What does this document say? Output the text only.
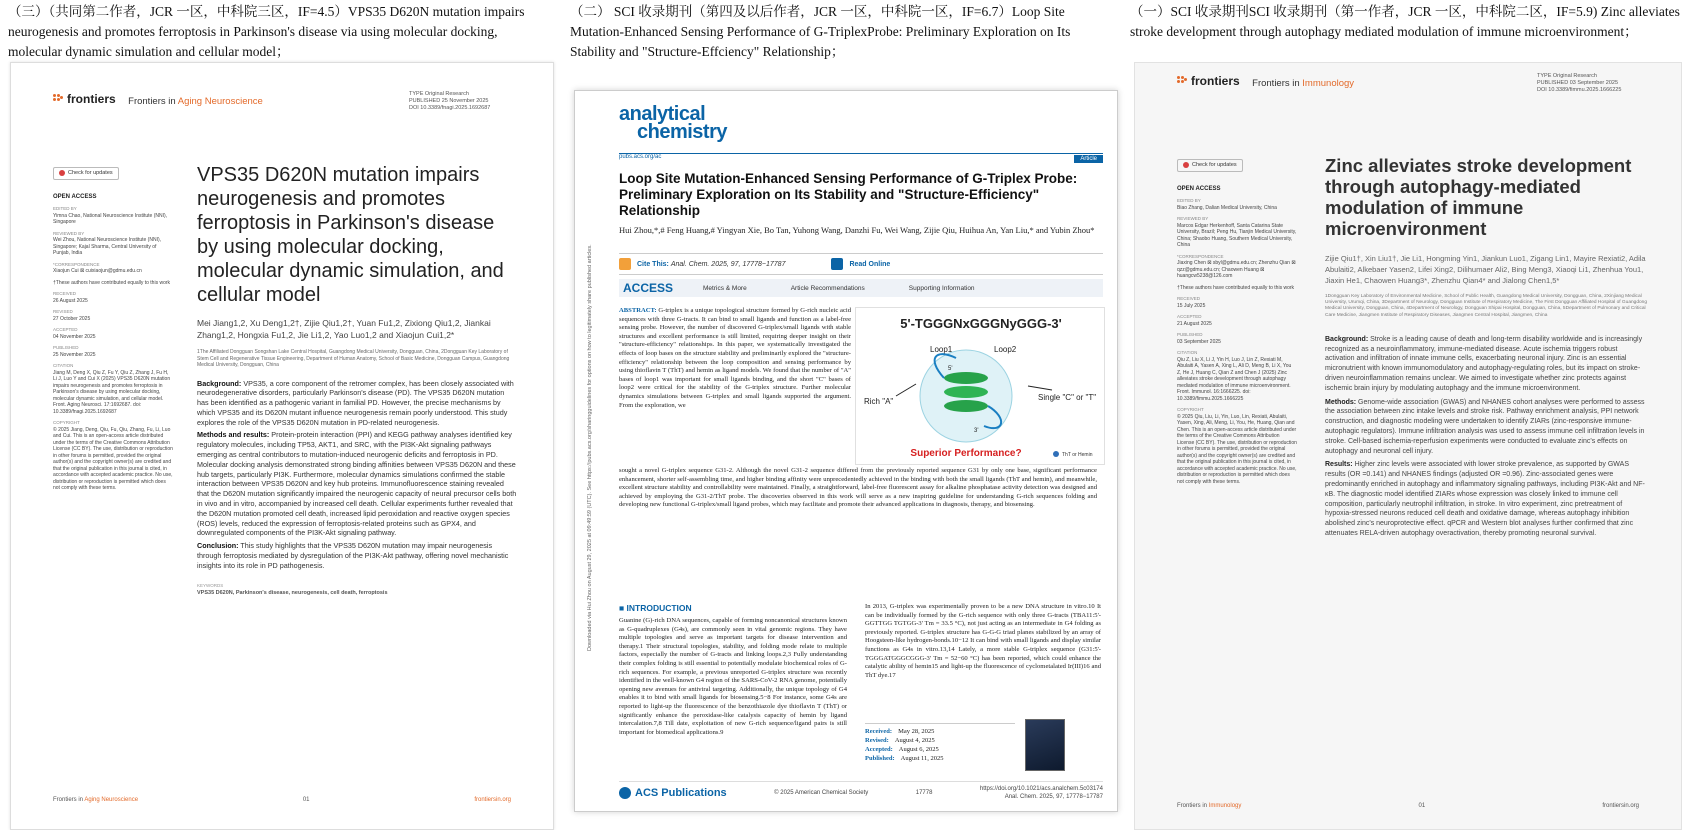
（三）（共同第二作者，JCR 一区，中科院三区，IF=4.5）VPS35 D620N mutation impairs neurogenesis and promotes ferroptosis in Parkinson's disease via using molecular docking, molecular dynamic simulation and cellular model；
frontiers Frontiers in Aging Neuroscience
TYPE Original Research
PUBLISHED 25 November 2025
DOI 10.3389/fnagi.2025.1692687
Check for updates
OPEN ACCESS
EDITED BY
Yimna Chao, National Neuroscience Institute (NNI), Singapore
REVIEWED BY
Wei Zhou, National Neuroscience Institute (NNI), Singapore; Kajal Sharma, Central University of Punjab, India
*CORRESPONDENCE
Xiaojun Cui ⊠ cuixiaojun@gdmu.edu.cn
†These authors have contributed equally to this work
RECEIVED
26 August 2025
REVISED
27 October 2025
ACCEPTED
04 November 2025
PUBLISHED
25 November 2025
CITATION
Jiang M, Deng X, Qiu Z, Fu Y, Qiu Z, Zhang J, Fu H, Li J, Luo Y and Cui X (2025) VPS35 D620N mutation impairs neurogenesis and promotes ferroptosis in Parkinson's disease by using molecular docking, molecular dynamic simulation, and cellular model. Front. Aging Neurosci. 17:1692687. doi: 10.3389/fnagi.2025.1692687
COPYRIGHT
© 2025 Jiang, Deng, Qiu, Fu, Qiu, Zhang, Fu, Li, Luo and Cui. This is an open-access article distributed under the terms of the Creative Commons Attribution License (CC BY). The use, distribution or reproduction in other forums is permitted, provided the original author(s) and the copyright owner(s) are credited and that the original publication in this journal is cited, in accordance with accepted academic practice. No use, distribution or reproduction is permitted which does not comply with these terms.
VPS35 D620N mutation impairs neurogenesis and promotes ferroptosis in Parkinson's disease by using molecular docking, molecular dynamic simulation, and cellular model
Mei Jiang1,2, Xu Deng1,2†, Zijie Qiu1,2†, Yuan Fu1,2, Zixiong Qiu1,2, Jiankai Zhang1,2, Hongxia Fu1,2, Jie Li1,2, Yao Luo1,2 and Xiaojun Cui1,2*
1The Affiliated Dongguan Songshan Lake Central Hospital, Guangdong Medical University, Dongguan, China, 2Dongguan Key Laboratory of Stem Cell and Regenerative Tissue Engineering, Department of Human Anatomy, School of Basic Medicine, Dongguan Campus, Guangdong Medical University, Dongguan, China

Background: VPS35, a core component of the retromer complex, has been closely associated with neurodegenerative disorders, particularly Parkinson's disease (PD). The VPS35 D620N mutation has been identified as a pathogenic variant in familial PD. However, the precise mechanisms by which VPS35 and its D620N mutant influence neurogenesis remain poorly understood. This study explores the role of the VPS35 D620N mutation in PD-related neurogenesis.

Methods and results: Protein-protein interaction (PPI) and KEGG pathway analyses identified key regulatory molecules, including TP53, AKT1, and SRC, with the PI3K-Akt signaling pathways emerging as central contributors to mutation-induced neurogenic deficits and ferroptosis in PD. Molecular docking analysis demonstrated strong binding affinities between VPS35 D620N and these hub targets, particularly PI3K. Furthermore, molecular dynamics simulations confirmed the stable interaction between VPS35 D620N and key hub proteins. Immunofluorescence staining revealed that the D620N mutation significantly impaired the neurogenic capacity of neural precursor cells both in vivo and in vitro, accompanied by increased cell death. Cellular experiments further revealed that the D620N mutation promoted cell death, increased lipid peroxidation and reactive oxygen species (ROS) levels, reduced the expression of ferroptosis-related proteins such as GPX4, and downregulated components of the PI3K-Akt signaling pathway.

Conclusion: This study highlights that the VPS35 D620N mutation may impair neurogenesis through ferroptosis mediated by dysregulation of the PI3K-Akt pathway, offering novel mechanistic insights into its role in PD pathogenesis.

KEYWORDS
VPS35 D620N, Parkinson's disease, neurogenesis, cell death, ferroptosis
Frontiers in Aging Neuroscience	01	frontiersin.org
（二） SCI 收录期刊（第四及以后作者，JCR 一区，中科院一区，IF=6.7）Loop Site Mutation-Enhanced Sensing Performance of G-TriplexProbe: Preliminary Exploration on Its Stability and "Structure-Effciency" Relationship；
analytical
chemistry
pubs.acs.org/ac	Article
Downloaded via Hui Zhou on August 29, 2025 at 09:49:59 (UTC). See https://pubs.acs.org/sharingguidelines for options on how to legitimately share published articles.
Loop Site Mutation-Enhanced Sensing Performance of G-Triplex Probe: Preliminary Exploration on Its Stability and "Structure-Efficiency" Relationship
Hui Zhou,*,# Feng Huang,# Yingyan Xie, Bo Tan, Yuhong Wang, Danzhi Fu, Wei Wang, Zijie Qiu, Huihua An, Yan Liu,* and Yubin Zhou*
Cite This:
Anal. Chem. 2025, 97, 17778−17787	Read Online
ACCESS	Metrics & More	Article Recommendations	Supporting Information
ABSTRACT: G-triplex is a unique topological structure formed by G-rich nucleic acid sequences with three G-tracts. It can bind to small ligands and function as a label-free sensing probe. However, the number of discovered G-triplex/small ligands with stable structures and excellent performance is still limited, requiring deeper insight on their "structure-efficiency" relationships. In this paper, we systematically investigated the effects of loop bases on the structure stability and preliminarily explored the "structure-efficiency" relationship between the loop composition and sensing performance by using thioflavin T (ThT) and hemin as ligand models. We found that the number of "A" bases of loop1 was important for small ligands binding, and the short "C" bases of loop2 were critical for the stability of the G-triplex structure. Further molecular dynamics simulations between G-triplex and small ligands supported the argument. From the exploration, we
5'-TGGGNxGGGNyGGG-3'
Loop1	Loop2
5'
3'
Rich "A"	Single "C" or "T"
Superior Performance?	ThT or Hemin
sought a novel G-triplex sequence G31-2. Although the novel G31-2 sequence differed from the previously reported sequence G31 by only one base, significant performance enhancement, shorter self-assembling time, and higher binding affinity were unprecedentedly achieved in the binding with both the small ligands (ThT and hemin), and meanwhile, excellent structure stability and controllability were maintained. Finally, a straightforward, label-free fluorescent assay for alkaline phosphatase activity detection was designed and achieved by employing the G31-2/ThT probe. The discoveries observed in this work will serve as a new inspiring guideline for understanding G-rich sequences folding and developing new functional G-triplex/small ligand probes, which may facilitate and promote their advanced applications in diagnosis, therapy, and biosensing.
■ INTRODUCTION
Guanine (G)-rich DNA sequences, capable of forming noncanonical structures known as G-quadruplexes (G4s), are commonly seen in vital genomic regions. They have multiple topologies and serve as important targets for disease intervention and therapy.1 Their structural topologies, stability, and folding mode relate to multiple factors, especially the number of G-tracts and linking loops.2,3 Fully understanding their complex folding is still essential to potentially modulate biochemical roles of G-rich sequences. For example, a previous unreported G-triplex structure was recently identified in the well-known G4 region of the SARS-CoV-2 RNA genome, potentially opening new avenues for antiviral targeting. Additionally, the unique topology of G4 enables it to bind with small ligands for biosensing.5−8 For instance, some G4s are reported to light-up the fluorescence of the benzothiazole dye thioflavin T (ThT) or significantly enhance the peroxidase-like catalysis capacity of hemin by ligand intercalation.7,8 Till date, exploitation of new G-rich sequence/ligand pairs is still important for biomedical applications.9
In 2013, G-triplex was experimentally proven to be a new DNA structure in vitro.10 It can be individually formed by the G-rich sequence with only three G-tracts (TBA11:5'-GGTTGG TGTGG-3' Tm = 33.5 °C), not just acting as an intermediate in G4 folding as previously reported. G-triplex structure has G-G-G triad planes stabilized by an array of Hoogsteen-like hydrogen-bonds.10−12 It can bind with small ligands and display similar functions as G4s in vitro.13,14 Lately, a more stable G-triplex sequence (G31:5'-TGGGATGGGCGGG-3' Tm = 52−60 °C) has been reported, which could enhance the catalytic ability of hemin15 and light-up the fluorescence of cyclometalated Ir(III)16 and ThT dye.17
Received: May 28, 2025
Revised: August 4, 2025
Accepted: August 6, 2025
Published: August 11, 2025
ACS Publications	© 2025 American Chemical Society	17778
https://doi.org/10.1021/acs.analchem.5c03174
Anal. Chem. 2025, 97, 17778−17787
（一）SCI 收录期刊SCI 收录期刊（第一作者，JCR 一区，中科院二区，IF=5.9) Zinc alleviates stroke development through autophagy mediated modulation of immune microenvironment；
frontiers Frontiers in Immunology
TYPE Original Research
PUBLISHED 03 September 2025
DOI 10.3389/fimmu.2025.1666225
Check for updates
OPEN ACCESS
EDITED BY
Biao Zhang, Dalian Medical University, China
REVIEWED BY
Marcos Edgar Herkenhoff, Santa Catarina State University, Brazil; Peng Hu, Tianjin Medical University, China; Shaobo Huang, Southern Medical University, China
*CORRESPONDENCE
Jiaxing Chen ⊠ sbyl@gdmu.edu.cn; Zhenzhu Qian ⊠ qzz@gdmu.edu.cn; Chaowen Huang ⊠ huangcw5238@126.com
†These authors have contributed equally to this work
RECEIVED
15 July 2025
ACCEPTED
21 August 2025
PUBLISHED
03 September 2025
CITATION
Qiu Z, Liu X, Li J, Yin H, Luo J, Lin Z, Rexiati M, Abulaiti A, Yasen A, Xing L, Ali D, Meng B, Li X, You Z, He J, Huang C, Qian Z and Chen J (2025) Zinc alleviates stroke development through autophagy mediated modulation of immune microenvironment. Front. Immunol. 16:1666225. doi: 10.3389/fimmu.2025.1666225
COPYRIGHT
© 2025 Qiu, Liu, Li, Yin, Luo, Lin, Rexiati, Abulaiti, Yasen, Xing, Ali, Meng, Li, You, He, Huang, Qian and Chen. This is an open-access article distributed under the terms of the Creative Commons Attribution License (CC BY). The use, distribution or reproduction in other forums is permitted, provided the original author(s) and the copyright owner(s) are credited and that the original publication in this journal is cited, in accordance with accepted academic practice. No use, distribution or reproduction is permitted which does not comply with these terms.
Zinc alleviates stroke development through autophagy-mediated modulation of immune microenvironment
Zijie Qiu1†, Xin Liu1†, Jie Li1, Hongming Yin1, Jiankun Luo1, Zigang Lin1, Mayire Rexiati2, Adila Abulaiti2, Alkebaer Yasen2, Lifei Xing2, Dilihumaer Ali2, Bing Meng3, Xiaoqi Li1, Zhenhua You1, Jiaxin He1, Chaowen Huang3*, Zhenzhu Qian4* and Jialong Chen1,5*
1Dongguan Key Laboratory of Environmental Medicine, School of Public Health, Guangdong Medical University, Dongguan, China, 2Xinjiang Medical University, Urumqi, China, 3Department of Neurology, Dongguan Institute of Respiratory Medicine, The First Dongguan Affiliated Hospital of Guangdong Medical University, Dongguan, China, 4Department of Neurology, Dongguan Shipai Hospital, Dongguan, China, 5Department of Pulmonary and Critical Care Medicine, Jiangmen Institute of Respiratory Diseases, Jiangmen Central Hospital, Jiangmen, China

Background: Stroke is a leading cause of death and long-term disability worldwide and is increasingly recognized as a neuroinflammatory, immune-mediated disease. Acute ischemia triggers robust activation and infiltration of innate immune cells, exacerbating neuronal injury. Zinc is an essential micronutrient with known immunomodulatory and autophagy-regulating roles, but its impact on stroke-driven neuroinflammation remains unclear. We aimed to investigate whether zinc protects against ischemic brain injury by modulating autophagy and the immune microenvironment.

Methods: Genome-wide association (GWAS) and NHANES cohort analyses were performed to assess the association between zinc intake levels and stroke risk. Pathway enrichment analysis, PPI network construction, and diagnostic modeling were undertaken to identify ZIARs (zinc-responsive immune-autophagic regulators). Immune infiltration analysis was used to assess immune cell infiltration levels in stroke. Cell-based ischemia-reperfusion experiments were conducted to evaluate zinc's effects on autophagy and neuronal cell injury.

Results: Higher zinc levels were associated with lower stroke prevalence, as supported by GWAS results (OR =0.141) and NHANES findings (adjusted OR =0.96). Zinc-associated genes were predominantly enriched in autophagy and inflammatory signaling pathways, including PI3K-Akt and NF-κB. The diagnostic model identified ZIARs whose expression was closely linked to immune cell composition, particularly neutrophil infiltration, in stroke. In vitro experiment, zinc pretreatment of hypoxia-stressed neurons reduced cell death and oxidative damage, whereas autophagy inhibition abolished zinc's neuroprotective effect. qPCR and Western blot analyses further confirmed that zinc attenuates RELA-driven autophagy overactivation, thereby promoting neuronal survival.

Frontiers in Immunology	01	frontiersin.org
